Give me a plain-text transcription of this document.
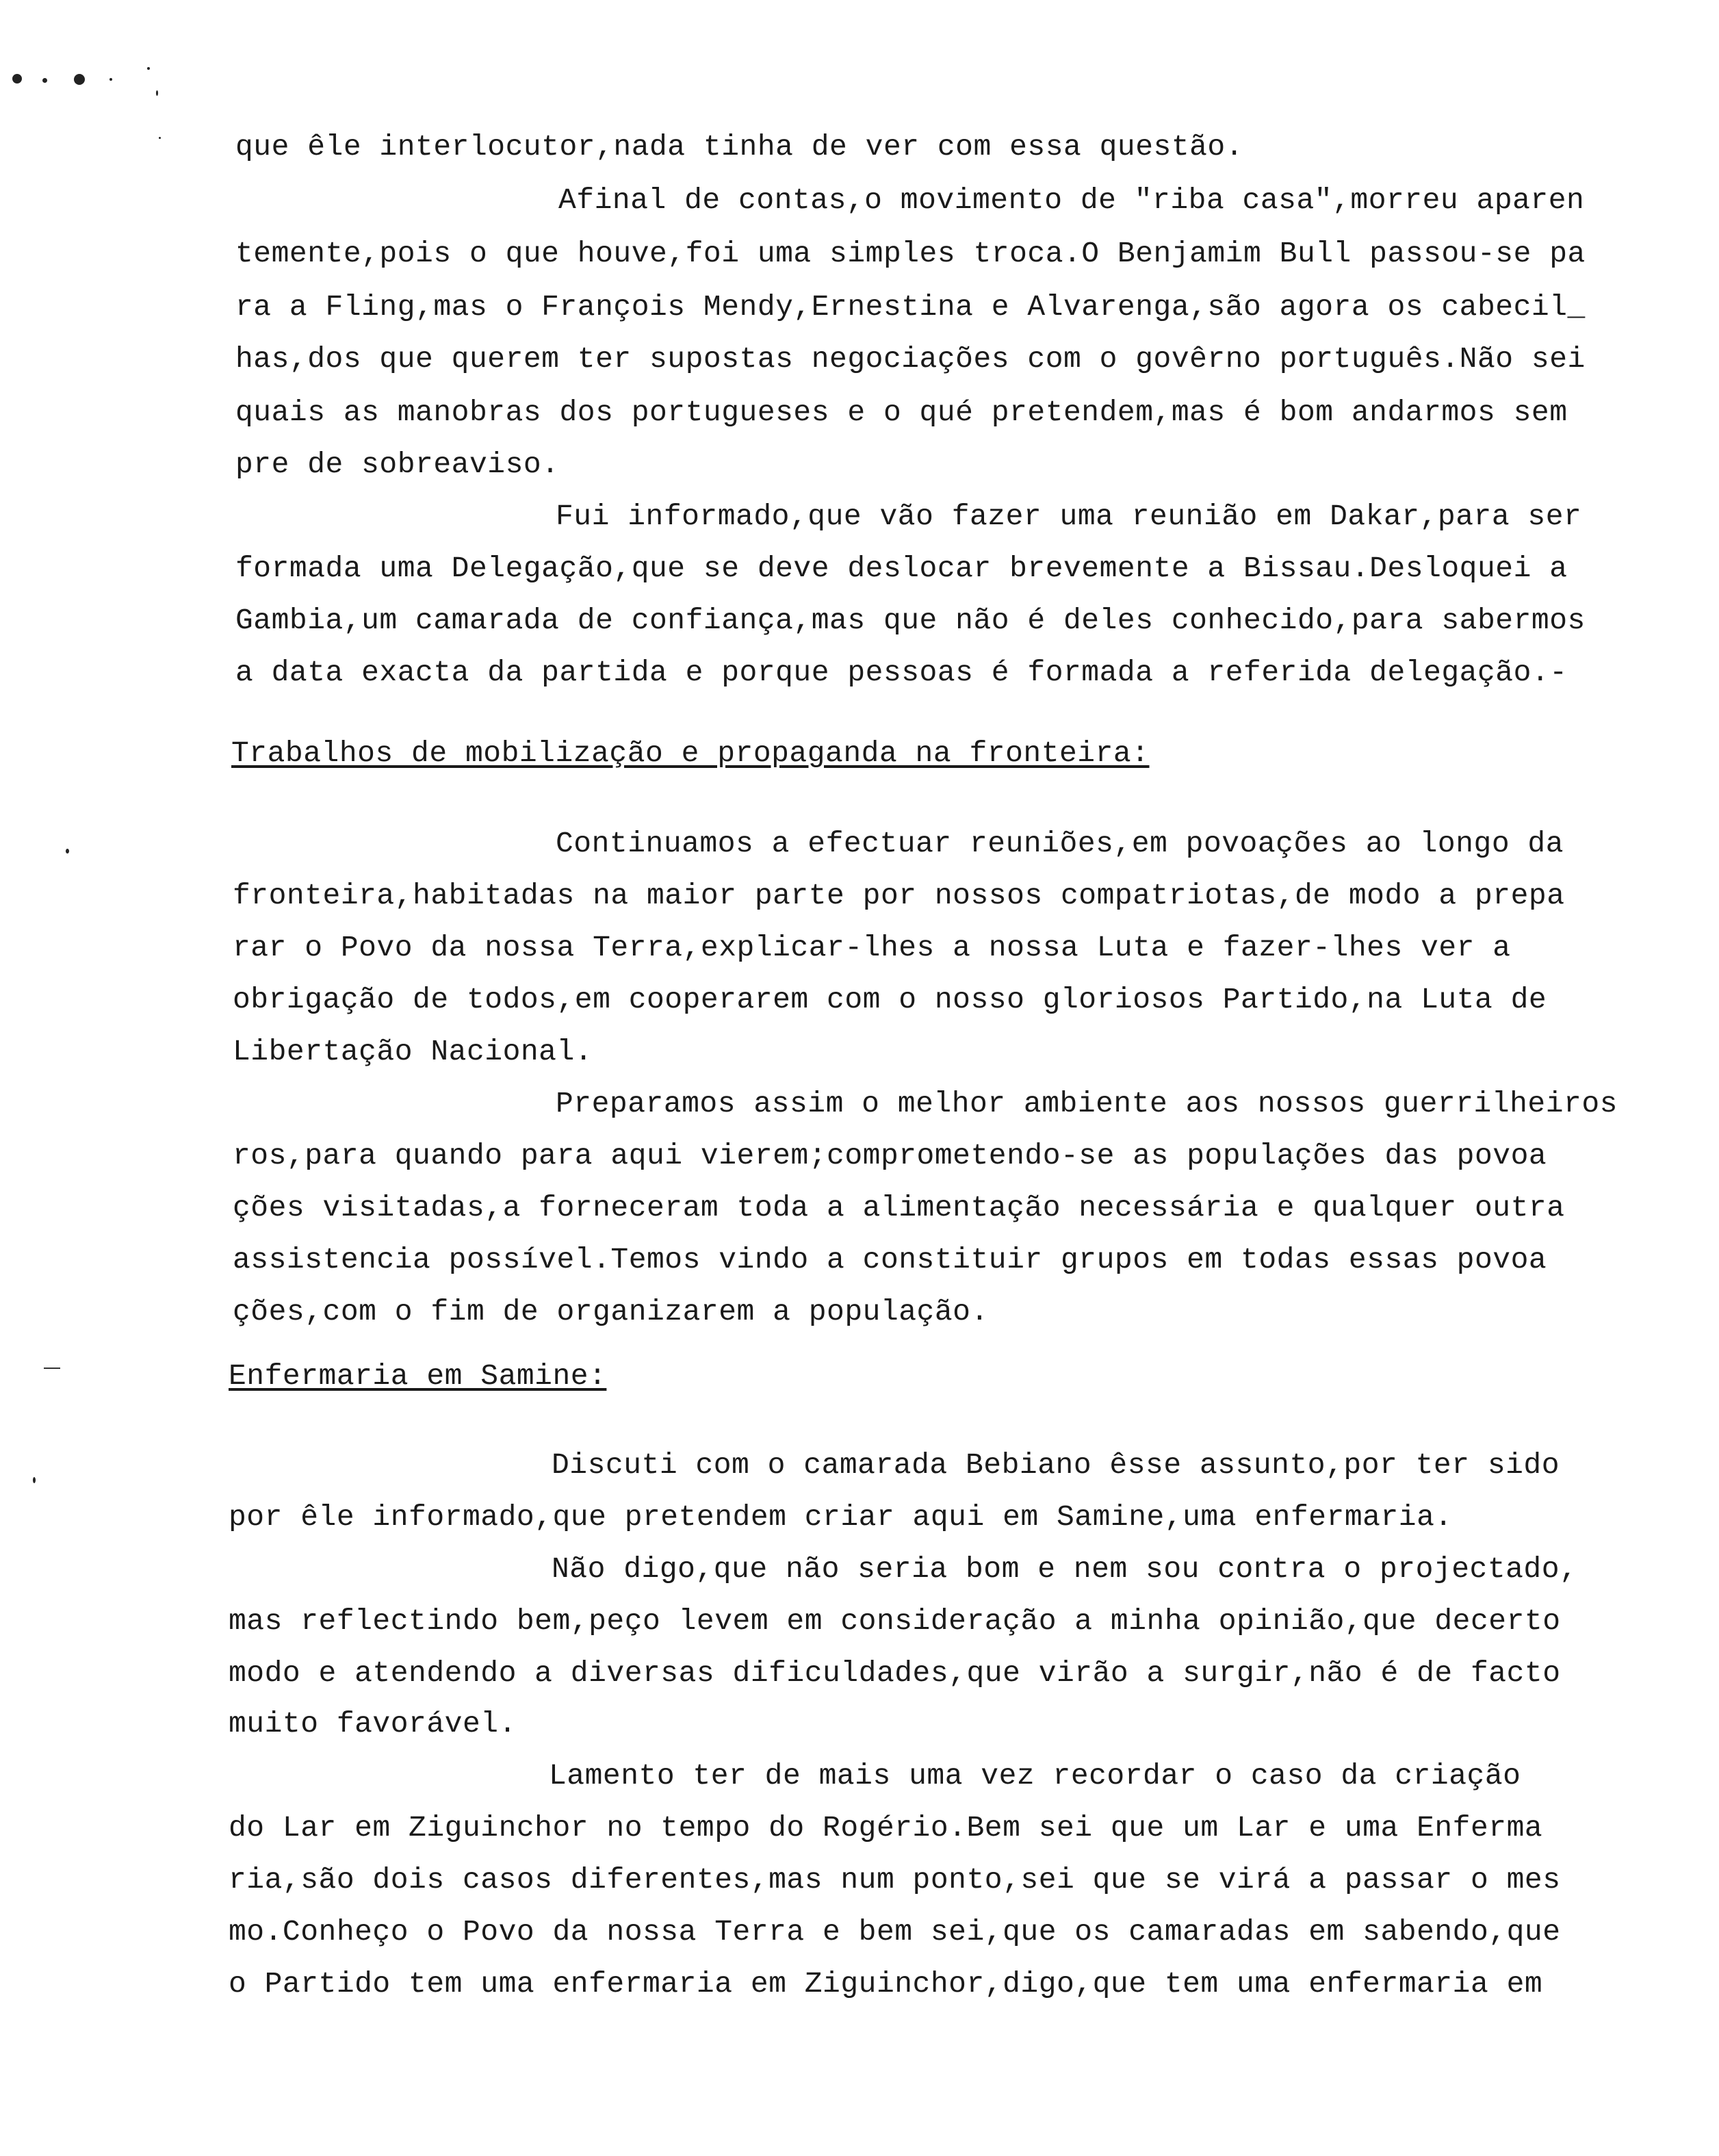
que êle interlocutor,nada tinha de ver com essa questão.
Afinal de contas,o movimento de "riba casa",morreu aparen
temente,pois o que houve,foi uma simples troca.O Benjamim Bull passou-se pa
ra a Fling,mas o François Mendy,Ernestina e Alvarenga,são agora os cabecil_
has,dos que querem ter supostas negociações com o govêrno português.Não sei
quais as manobras dos portugueses e o qué pretendem,mas é bom andarmos sem
pre de sobreaviso.
Fui informado,que vão fazer uma reunião em Dakar,para ser
formada uma Delegação,que se deve deslocar brevemente a Bissau.Desloquei a
Gambia,um camarada de confiança,mas que não é deles conhecido,para sabermos
a data exacta da partida e porque pessoas é formada a referida delegação.-
Trabalhos de mobilização e propaganda na fronteira:
Continuamos a efectuar reuniões,em povoações ao longo da
fronteira,habitadas na maior parte por nossos compatriotas,de modo a prepa
rar o Povo da nossa Terra,explicar-lhes a nossa Luta e fazer-lhes ver a
obrigação de todos,em cooperarem com o nosso gloriosos Partido,na Luta de
Libertação Nacional.
Preparamos assim o melhor ambiente aos nossos guerrilheiros
ros,para quando para aqui vierem;comprometendo-se as populações das povoa
ções visitadas,a forneceram toda a alimentação necessária e qualquer outra
assistencia possível.Temos vindo a constituir grupos em todas essas povoa
ções,com o fim de organizarem a população.
Enfermaria em Samine:
Discuti com o camarada Bebiano êsse assunto,por ter sido
por êle informado,que pretendem criar aqui em Samine,uma enfermaria.
Não digo,que não seria bom e nem sou contra o projectado,
mas reflectindo bem,peço levem em consideração a minha opinião,que decerto
modo e atendendo a diversas dificuldades,que virão a surgir,não é de facto
muito favorável.
Lamento ter de mais uma vez recordar o caso da criação
do Lar em Ziguinchor no tempo do Rogério.Bem sei que um Lar e uma Enferma
ria,são dois casos diferentes,mas num ponto,sei que se virá a passar o mes
mo.Conheço o Povo da nossa Terra e bem sei,que os camaradas em sabendo,que
o Partido tem uma enfermaria em Ziguinchor,digo,que tem uma enfermaria em
